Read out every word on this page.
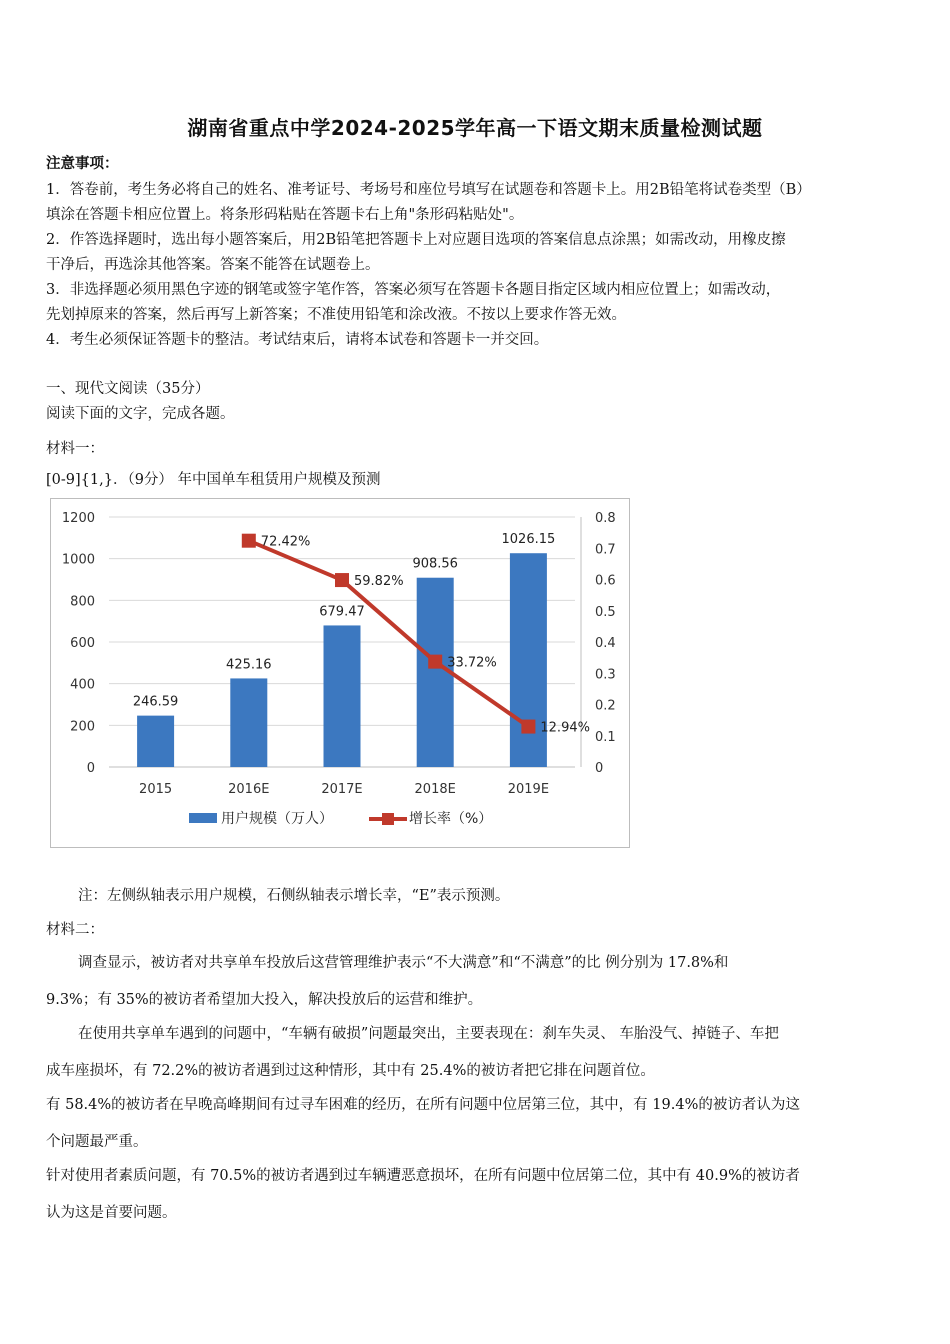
湖南省重点中学2024-2025学年高一下语文期末质量检测试题
注意事项：
1．答卷前，考生务必将自己的姓名、准考证号、考场号和座位号填写在试题卷和答题卡上。用2B铅笔将试卷类型（B）
填涂在答题卡相应位置上。将条形码粘贴在答题卡右上角"条形码粘贴处"。
2．作答选择题时，选出每小题答案后，用2B铅笔把答题卡上对应题目选项的答案信息点涂黑；如需改动，用橡皮擦
干净后，再选涂其他答案。答案不能答在试题卷上。
3．非选择题必须用黑色字迹的钢笔或签字笔作答，答案必须写在答题卡各题目指定区域内相应位置上；如需改动，
先划掉原来的答案，然后再写上新答案；不准使用铅笔和涂改液。不按以上要求作答无效。
4．考生必须保证答题卡的整洁。考试结束后，请将本试卷和答题卡一并交回。
一、现代文阅读（35分）
阅读下面的文字，完成各题。
材料一：
[0-9]{1,}．（9分） 年中国单车租赁用户规模及预测
0
200
400
600
800
1000
1200
0
0.1
0.2
0.3
0.4
0.5
0.6
0.7
0.8
2015	2016E	2017E	2018E	2019E
246.59
425.16
679.47
908.56
1026.15
72.42%
59.82%
33.72%
12.94%
用户规模（万人）	增长率（%）
注：左侧纵轴表示用户规模，石侧纵轴表示增长幸，“E”表示预测。
材料二：
调查显示，被访者对共享单车投放后这营管理维护表示“不大满意”和“不满意”的比 例分别为 17.8%和
9.3%；有 35%的被访者希望加大投入，解决投放后的运营和维护。
在使用共享单车遇到的问题中，“车辆有破损”问题最突出，主要表现在：刹车失灵、 车胎没气、掉链子、车把
成车座损坏，有 72.2%的被访者遇到过这种情形，其中有 25.4%的被访者把它排在问题首位。
有 58.4%的被访者在早晚高峰期间有过寻车困难的经历，在所有问题中位居第三位，其中，有 19.4%的被访者认为这
个问题最严重。
针对使用者素质问题，有 70.5%的被访者遇到过车辆遭恶意损坏，在所有问题中位居第二位，其中有 40.9%的被访者
认为这是首要问题。
